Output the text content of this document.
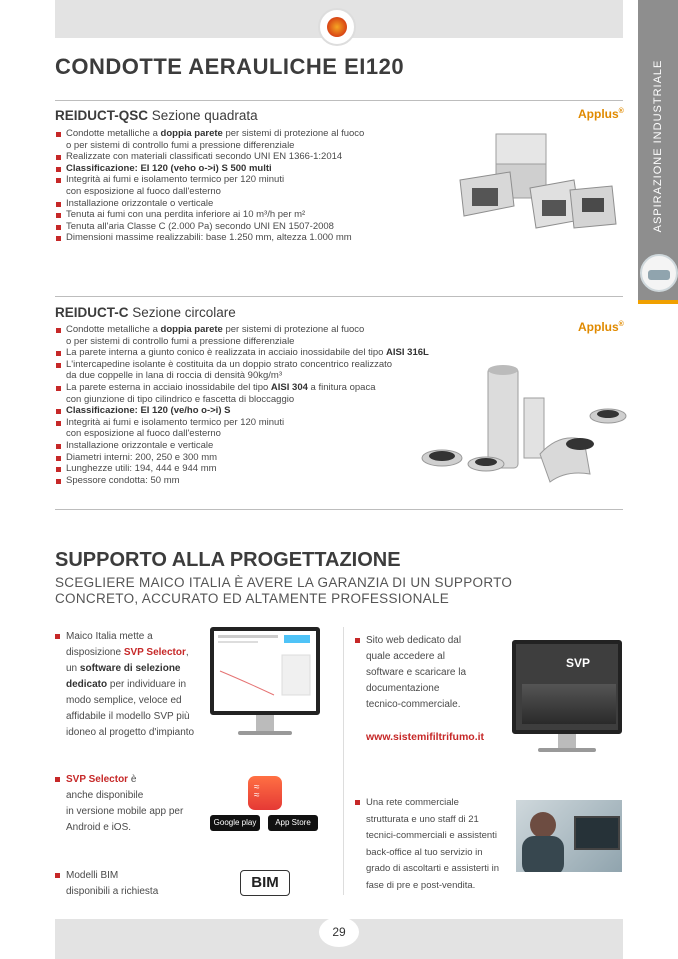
ASPIRAZIONE INDUSTRIALE
CONDOTTE AERAULICHE EI120
REIDUCT-QSC Sezione quadrata	Applus®
Condotte metalliche a doppia parete per sistemi di protezione al fuoco
o per sistemi di controllo fumi a pressione differenziale
Realizzate con materiali classificati secondo UNI EN 1366-1:2014
Classificazione: EI 120 (veho o->i) S 500 multi
Integrità ai fumi e isolamento termico per 120 minuti
con esposizione al fuoco dall'esterno
Installazione orizzontale o verticale
Tenuta ai fumi con una perdita inferiore ai 10 m³/h per m²
Tenuta all'aria Classe C (2.000 Pa) secondo UNI EN 1507-2008
Dimensioni massime realizzabili: base 1.250 mm, altezza 1.000 mm
REIDUCT-C Sezione circolare
Applus®
Condotte metalliche a doppia parete per sistemi di protezione al fuoco
o per sistemi di controllo fumi a pressione differenziale
La parete interna a giunto conico è realizzata in acciaio inossidabile del tipo AISI 316L
L'intercapedine isolante è costituita da un doppio strato concentrico realizzato
da due coppelle in lana di roccia di densità 90kg/m³
La parete esterna in acciaio inossidabile del tipo AISI 304 a finitura opaca
con giunzione di tipo cilindrico e fascetta di bloccaggio
Classificazione: EI 120 (ve/ho o->i) S
Integrità ai fumi e isolamento termico per 120 minuti
con esposizione al fuoco dall'esterno
Installazione orizzontale e verticale
Diametri interni: 200, 250 e 300 mm
Lunghezze utili: 194, 444 e 944 mm
Spessore condotta: 50 mm
SUPPORTO ALLA PROGETTAZIONE
SCEGLIERE MAICO ITALIA È AVERE LA GARANZIA DI UN SUPPORTO
CONCRETO, ACCURATO ED ALTAMENTE PROFESSIONALE

Maico Italia mette a

disposizione SVP Selector,

un software di selezione

dedicato per individuare in

modo semplice, veloce ed

affidabile il modello SVP più

idoneo al progetto d'impianto

SVP Selector è

anche disponibile

in versione mobile app per

Android e iOS.

≈
≈
Google play	App Store

Modelli BIM

disponibili a richiesta

BIM

Sito web dedicato dal

quale accedere al

software e scaricare la

documentazione

tecnico-commerciale.

www.sistemifiltrifumo.it
SVP

Una rete commerciale

strutturata e uno staff di 21

tecnici-commerciali e assistenti

back-office al tuo servizio in

grado di ascoltarti e assisterti in

fase di pre e post-vendita.

29
